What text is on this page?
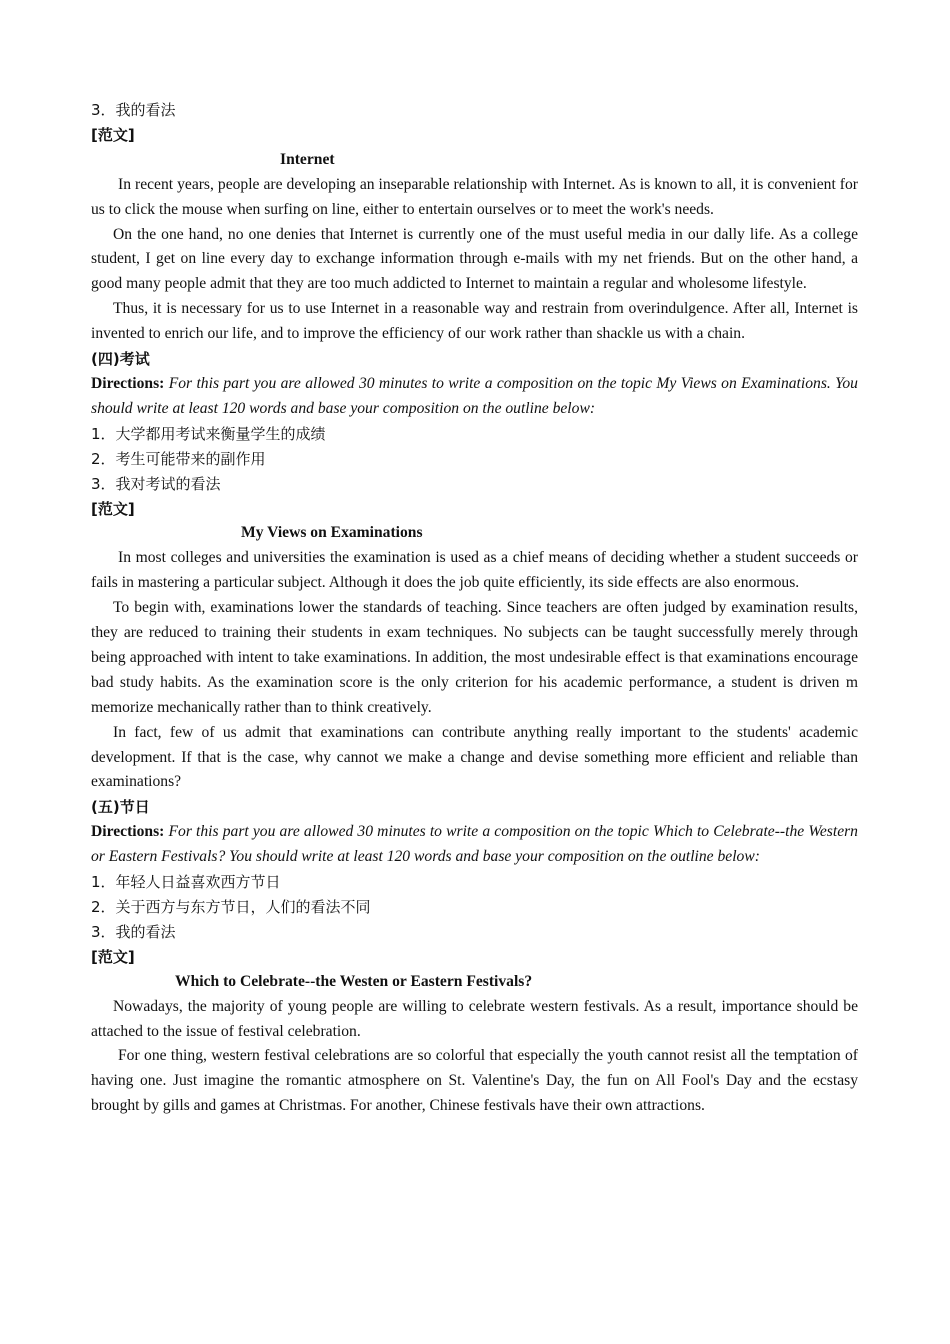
3．我的看法
[范文]
Internet

In recent years, people are developing an inseparable relationship with Internet. As is known to all, it is convenient for us to click the mouse when surfing on line, either to entertain ourselves or to meet the work's needs.

On the one hand, no one denies that Internet is currently one of the must useful media in our dally life. As a college student, I get on line every day to exchange information through e-mails with my net friends. But on the other hand, a good many people admit that they are too much addicted to Internet to maintain a regular and wholesome lifestyle.

Thus, it is necessary for us to use Internet in a reasonable way and restrain from overindulgence. After all, Internet is invented to enrich our life, and to improve the efficiency of our work rather than shackle us with a chain.

(四)考试

Directions: For this part you are allowed 30 minutes to write a composition on the topic My Views on Examinations. You should write at least 120 words and base your composition on the outline below:

1．大学都用考试来衡量学生的成绩
2．考生可能带来的副作用
3．我对考试的看法
[范文]
My Views on Examinations

In most colleges and universities the examination is used as a chief means of deciding whether a student succeeds or fails in mastering a particular subject. Although it does the job quite efficiently, its side effects are also enormous.

To begin with, examinations lower the standards of teaching. Since teachers are often judged by examination results, they are reduced to training their students in exam techniques. No subjects can be taught successfully merely through being approached with intent to take examinations. In addition, the most undesirable effect is that examinations encourage bad study habits. As the examination score is the only criterion for his academic performance, a student is driven m memorize mechanically rather than to think creatively.

In fact, few of us admit that examinations can contribute anything really important to the students' academic development. If that is the case, why cannot we make a change and devise something more efficient and reliable than examinations?

(五)节日

Directions: For this part you are allowed 30 minutes to write a composition on the topic Which to Celebrate--the Western or Eastern Festivals? You should write at least 120 words and base your composition on the outline below:

1．年轻人日益喜欢西方节日
2．关于西方与东方节日，人们的看法不同
3．我的看法
[范文]
Which to Celebrate--the Westen or Eastern Festivals?

Nowadays, the majority of young people are willing to celebrate western festivals. As a result, importance should be attached to the issue of festival celebration.

For one thing, western festival celebrations are so colorful that especially the youth cannot resist all the temptation of having one. Just imagine the romantic atmosphere on St. Valentine's Day, the fun on All Fool's Day and the ecstasy brought by gills and games at Christmas. For another, Chinese festivals have their own attractions.
